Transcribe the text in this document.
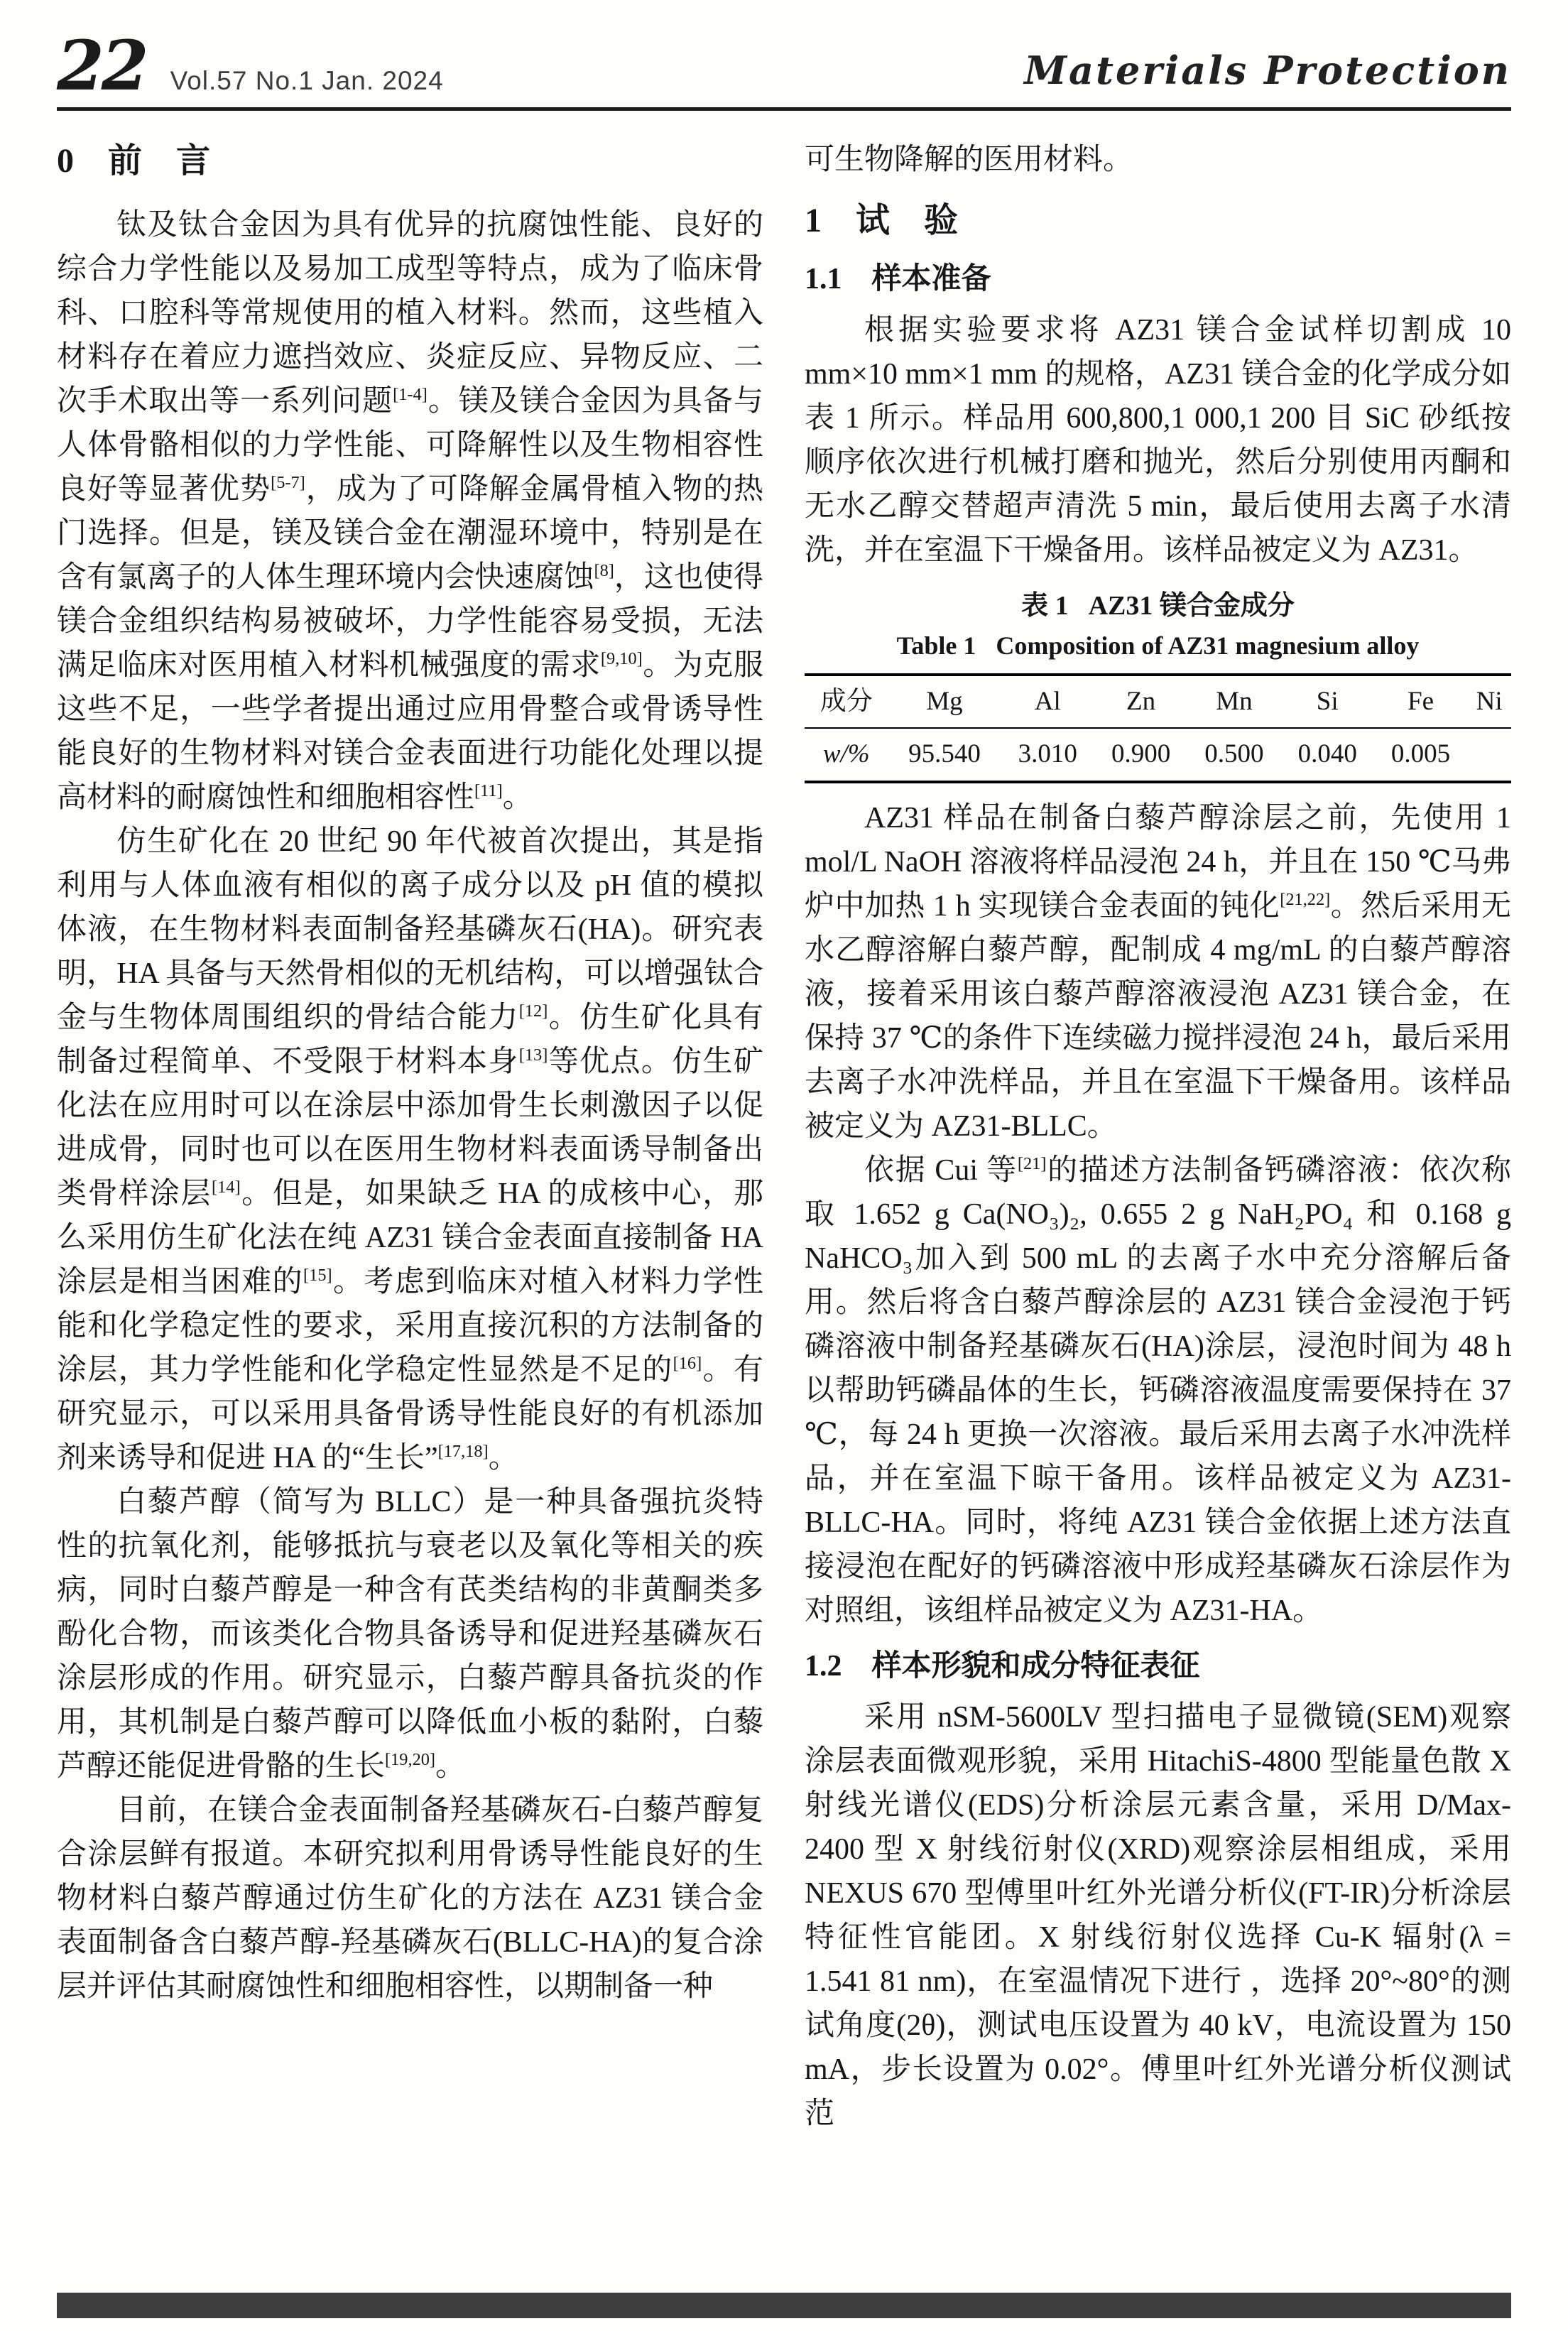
22 Vol.57 No.1 Jan. 2024	Materials Protection
0　前　言

钛及钛合金因为具有优异的抗腐蚀性能、良好的综合力学性能以及易加工成型等特点，成为了临床骨科、口腔科等常规使用的植入材料。然而，这些植入材料存在着应力遮挡效应、炎症反应、异物反应、二次手术取出等一系列问题[1-4]。镁及镁合金因为具备与人体骨骼相似的力学性能、可降解性以及生物相容性良好等显著优势[5-7]，成为了可降解金属骨植入物的热门选择。但是，镁及镁合金在潮湿环境中，特别是在含有氯离子的人体生理环境内会快速腐蚀[8]，这也使得镁合金组织结构易被破坏，力学性能容易受损，无法满足临床对医用植入材料机械强度的需求[9,10]。为克服这些不足，一些学者提出通过应用骨整合或骨诱导性能良好的生物材料对镁合金表面进行功能化处理以提高材料的耐腐蚀性和细胞相容性[11]。

仿生矿化在 20 世纪 90 年代被首次提出，其是指利用与人体血液有相似的离子成分以及 pH 值的模拟体液，在生物材料表面制备羟基磷灰石(HA)。研究表明，HA 具备与天然骨相似的无机结构，可以增强钛合金与生物体周围组织的骨结合能力[12]。仿生矿化具有制备过程简单、不受限于材料本身[13]等优点。仿生矿化法在应用时可以在涂层中添加骨生长刺激因子以促进成骨，同时也可以在医用生物材料表面诱导制备出类骨样涂层[14]。但是，如果缺乏 HA 的成核中心，那么采用仿生矿化法在纯 AZ31 镁合金表面直接制备 HA 涂层是相当困难的[15]。考虑到临床对植入材料力学性能和化学稳定性的要求，采用直接沉积的方法制备的涂层，其力学性能和化学稳定性显然是不足的[16]。有研究显示，可以采用具备骨诱导性能良好的有机添加剂来诱导和促进 HA 的“生长”[17,18]。

白藜芦醇（简写为 BLLC）是一种具备强抗炎特性的抗氧化剂，能够抵抗与衰老以及氧化等相关的疾病，同时白藜芦醇是一种含有芪类结构的非黄酮类多酚化合物，而该类化合物具备诱导和促进羟基磷灰石涂层形成的作用。研究显示，白藜芦醇具备抗炎的作用，其机制是白藜芦醇可以降低血小板的黏附，白藜芦醇还能促进骨骼的生长[19,20]。

目前，在镁合金表面制备羟基磷灰石-白藜芦醇复合涂层鲜有报道。本研究拟利用骨诱导性能良好的生物材料白藜芦醇通过仿生矿化的方法在 AZ31 镁合金表面制备含白藜芦醇-羟基磷灰石(BLLC-HA)的复合涂层并评估其耐腐蚀性和细胞相容性，以期制备一种

可生物降解的医用材料。

1　试　验
1.1　样本准备

根据实验要求将 AZ31 镁合金试样切割成 10 mm×10 mm×1 mm 的规格，AZ31 镁合金的化学成分如表 1 所示。样品用 600,800,1 000,1 200 目 SiC 砂纸按顺序依次进行机械打磨和抛光，然后分别使用丙酮和无水乙醇交替超声清洗 5 min，最后使用去离子水清洗，并在室温下干燥备用。该样品被定义为 AZ31。

表 1 AZ31 镁合金成分
Table 1 Composition of AZ31 magnesium alloy
成分	Mg	Al	Zn	Mn	Si	Fe	Ni
w/%	95.540	3.010	0.900	0.500	0.040	0.005	

AZ31 样品在制备白藜芦醇涂层之前，先使用 1 mol/L NaOH 溶液将样品浸泡 24 h，并且在 150 ℃马弗炉中加热 1 h 实现镁合金表面的钝化[21,22]。然后采用无水乙醇溶解白藜芦醇，配制成 4 mg/mL 的白藜芦醇溶液，接着采用该白藜芦醇溶液浸泡 AZ31 镁合金，在保持 37 ℃的条件下连续磁力搅拌浸泡 24 h，最后采用去离子水冲洗样品，并且在室温下干燥备用。该样品被定义为 AZ31-BLLC。

依据 Cui 等[21]的描述方法制备钙磷溶液：依次称取 1.652 g Ca(NO₃)₂, 0.655 2 g NaH₂PO₄ 和 0.168 g NaHCO₃加入到 500 mL 的去离子水中充分溶解后备用。然后将含白藜芦醇涂层的 AZ31 镁合金浸泡于钙磷溶液中制备羟基磷灰石(HA)涂层，浸泡时间为 48 h 以帮助钙磷晶体的生长，钙磷溶液温度需要保持在 37 ℃，每 24 h 更换一次溶液。最后采用去离子水冲洗样品，并在室温下晾干备用。该样品被定义为 AZ31-BLLC-HA。同时，将纯 AZ31 镁合金依据上述方法直接浸泡在配好的钙磷溶液中形成羟基磷灰石涂层作为对照组，该组样品被定义为 AZ31-HA。

1.2　样本形貌和成分特征表征

采用 nSM-5600LV 型扫描电子显微镜(SEM)观察涂层表面微观形貌，采用 HitachiS-4800 型能量色散 X 射线光谱仪(EDS)分析涂层元素含量，采用 D/Max-2400 型 X 射线衍射仪(XRD)观察涂层相组成，采用 NEXUS 670 型傅里叶红外光谱分析仪(FT-IR)分析涂层特征性官能团。X 射线衍射仪选择 Cu-K 辐射(λ = 1.541 81 nm)，在室温情况下进行 ，选择 20°~80°的测试角度(2θ)，测试电压设置为 40 kV，电流设置为 150 mA，步长设置为 0.02°。傅里叶红外光谱分析仪测试范
